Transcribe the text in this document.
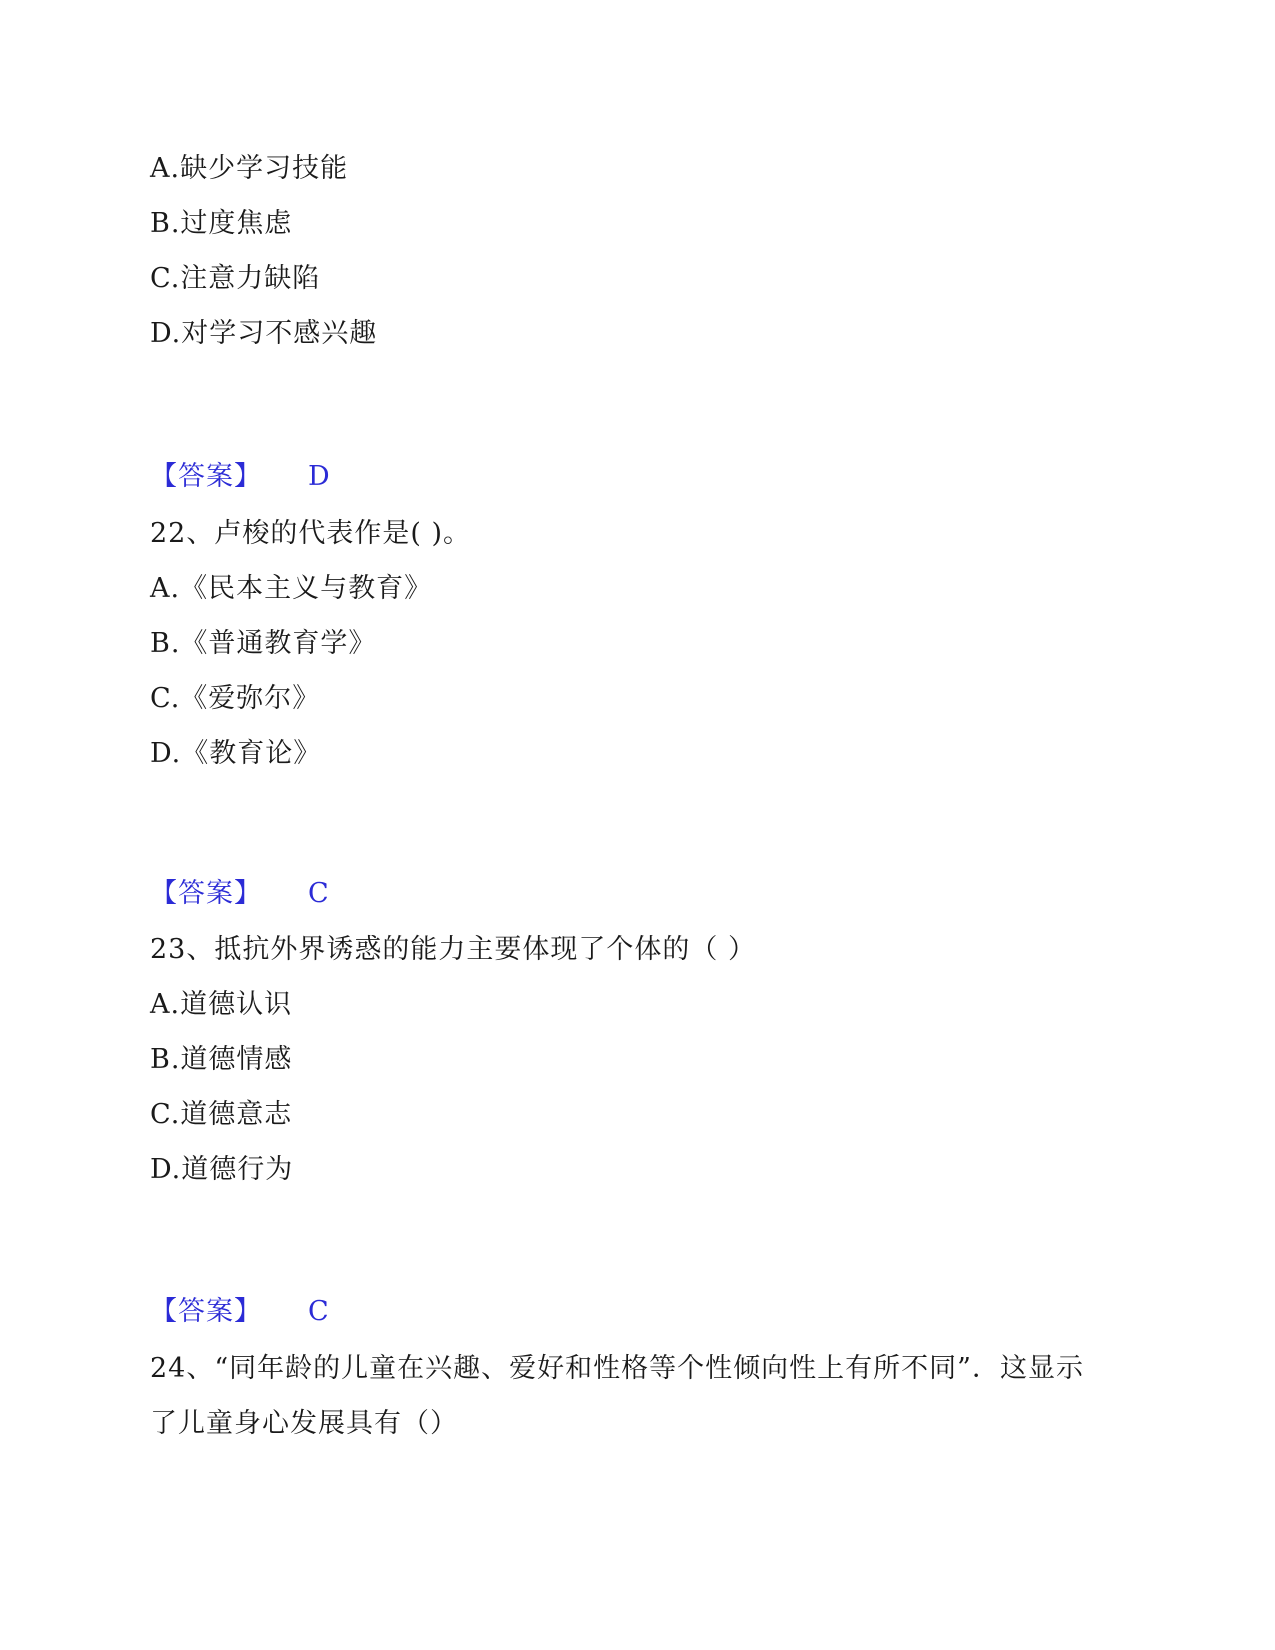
A.缺少学习技能
B.过度焦虑
C.注意力缺陷
D.对学习不感兴趣
【答案】 D
22、卢梭的代表作是( )。
A.《民本主义与教育》
B.《普通教育学》
C.《爱弥尔》
D.《教育论》
【答案】 C
23、抵抗外界诱惑的能力主要体现了个体的（ ）
A.道德认识
B.道德情感
C.道德意志
D.道德行为
【答案】 C
24、“同年龄的儿童在兴趣、爱好和性格等个性倾向性上有所不同”．这显示
了儿童身心发展具有（）
